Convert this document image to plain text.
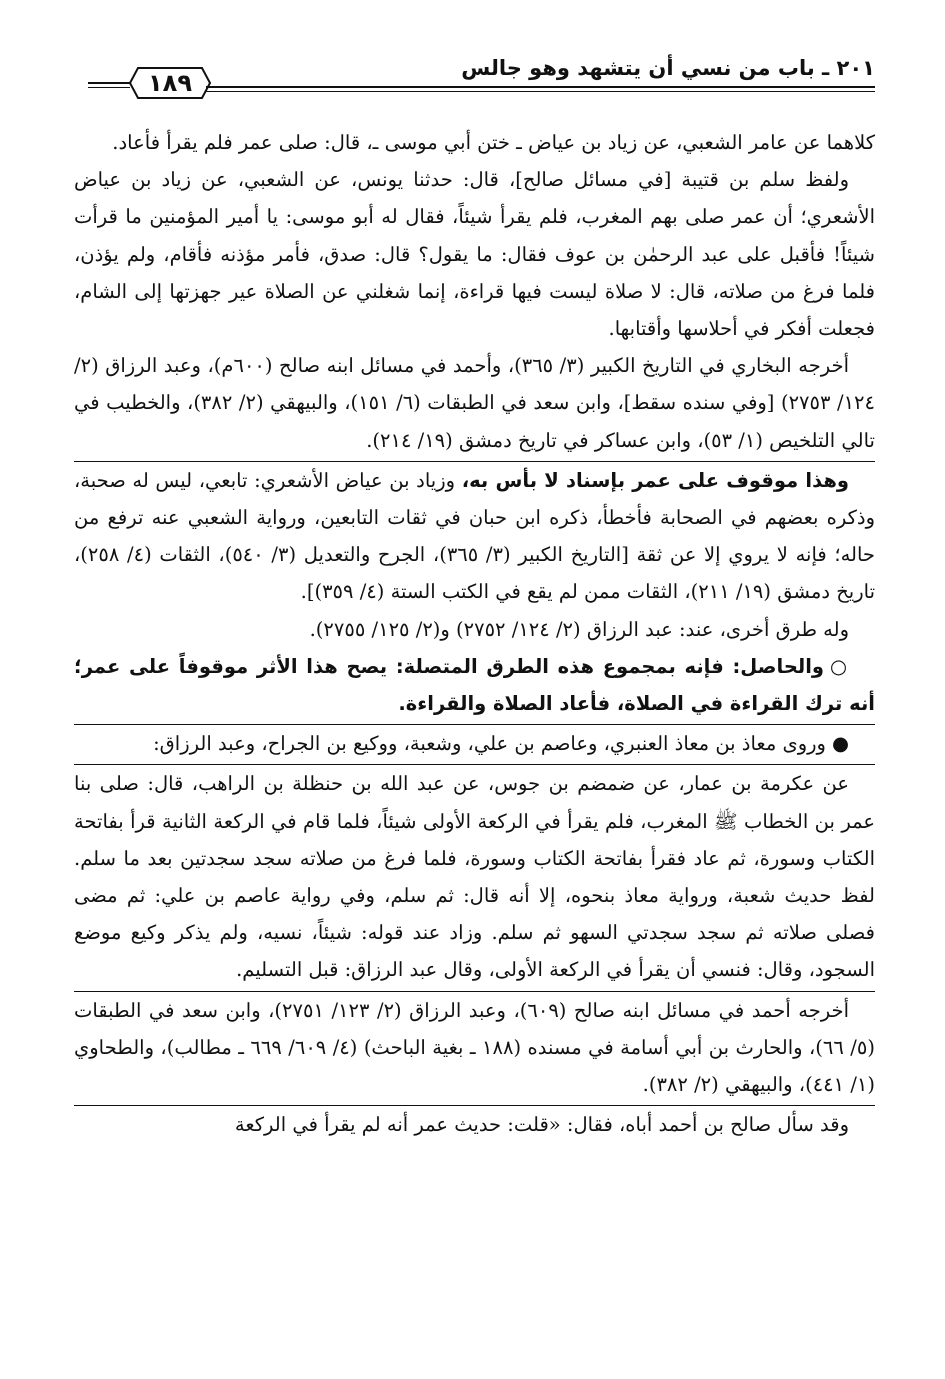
٢٠١ ـ باب من نسي أن يتشهد وهو جالس
١٨٩

كلاهما عن عامر الشعبي، عن زياد بن عياض ـ ختن أبي موسى ـ، قال: صلى عمر فلم يقرأ فأعاد.

ولفظ سلم بن قتيبة [في مسائل صالح]، قال: حدثنا يونس، عن الشعبي، عن زياد بن عياض الأشعري؛ أن عمر صلى بهم المغرب، فلم يقرأ شيئاً، فقال له أبو موسى: يا أمير المؤمنين ما قرأت شيئاً! فأقبل على عبد الرحمٰن بن عوف فقال: ما يقول؟ قال: صدق، فأمر مؤذنه فأقام، ولم يؤذن، فلما فرغ من صلاته، قال: لا صلاة ليست فيها قراءة، إنما شغلني عن الصلاة عير جهزتها إلى الشام، فجعلت أفكر في أحلاسها وأقتابها.

أخرجه البخاري في التاريخ الكبير (٣/ ٣٦٥)، وأحمد في مسائل ابنه صالح (٦٠٠م)، وعبد الرزاق (٢/ ١٢٤/ ٢٧٥٣) [وفي سنده سقط]، وابن سعد في الطبقات (٦/ ١٥١)، والبيهقي (٢/ ٣٨٢)، والخطيب في تالي التلخيص (١/ ٥٣)، وابن عساكر في تاريخ دمشق (١٩/ ٢١٤).

وهذا موقوف على عمر بإسناد لا بأس به، وزياد بن عياض الأشعري: تابعي، ليس له صحبة، وذكره بعضهم في الصحابة فأخطأ، ذكره ابن حبان في ثقات التابعين، ورواية الشعبي عنه ترفع من حاله؛ فإنه لا يروي إلا عن ثقة [التاريخ الكبير (٣/ ٣٦٥)، الجرح والتعديل (٣/ ٥٤٠)، الثقات (٤/ ٢٥٨)، تاريخ دمشق (١٩/ ٢١١)، الثقات ممن لم يقع في الكتب الستة (٤/ ٣٥٩)].

وله طرق أخرى، عند: عبد الرزاق (٢/ ١٢٤/ ٢٧٥٢) و(٢/ ١٢٥/ ٢٧٥٥).

○والحاصل: فإنه بمجموع هذه الطرق المتصلة: يصح هذا الأثر موقوفاً على عمر؛ أنه ترك القراءة في الصلاة، فأعاد الصلاة والقراءة.

●وروى معاذ بن معاذ العنبري، وعاصم بن علي، وشعبة، ووكيع بن الجراح، وعبد الرزاق:

عن عكرمة بن عمار، عن ضمضم بن جوس، عن عبد الله بن حنظلة بن الراهب، قال: صلى بنا عمر بن الخطاب ﷺ المغرب، فلم يقرأ في الركعة الأولى شيئاً، فلما قام في الركعة الثانية قرأ بفاتحة الكتاب وسورة، ثم عاد فقرأ بفاتحة الكتاب وسورة، فلما فرغ من صلاته سجد سجدتين بعد ما سلم. لفظ حديث شعبة، ورواية معاذ بنحوه، إلا أنه قال: ثم سلم، وفي رواية عاصم بن علي: ثم مضى فصلى صلاته ثم سجد سجدتي السهو ثم سلم. وزاد عند قوله: شيئاً، نسيه، ولم يذكر وكيع موضع السجود، وقال: فنسي أن يقرأ في الركعة الأولى، وقال عبد الرزاق: قبل التسليم.

أخرجه أحمد في مسائل ابنه صالح (٦٠٩)، وعبد الرزاق (٢/ ١٢٣/ ٢٧٥١)، وابن سعد في الطبقات (٥/ ٦٦)، والحارث بن أبي أسامة في مسنده (١٨٨ ـ بغية الباحث) (٤/ ٦٠٩/ ٦٦٩ ـ مطالب)، والطحاوي (١/ ٤٤١)، والبيهقي (٢/ ٣٨٢).

وقد سأل صالح بن أحمد أباه، فقال: «قلت: حديث عمر أنه لم يقرأ في الركعة
